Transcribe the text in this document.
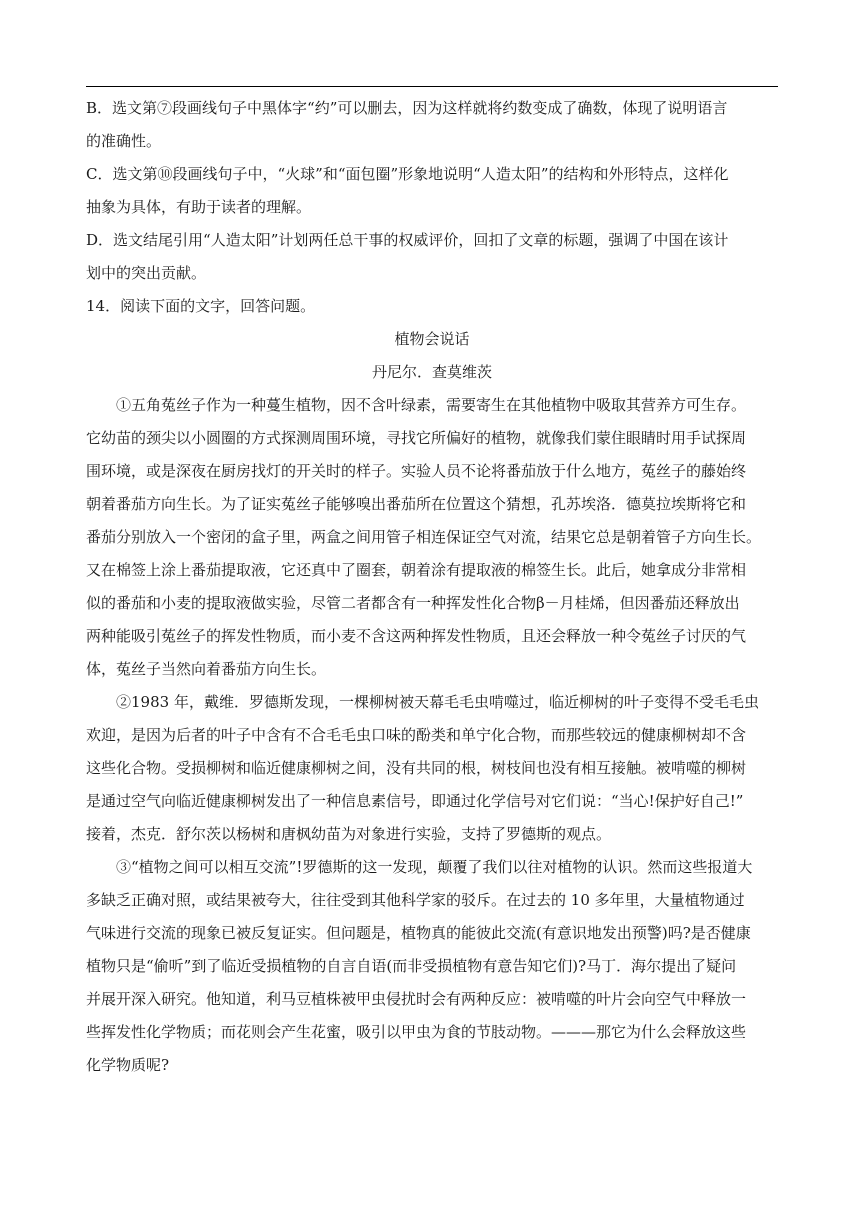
B．选文第⑦段画线句子中黑体字“约”可以删去，因为这样就将约数变成了确数，体现了说明语言
的准确性。
C．选文第⑩段画线句子中，“火球”和“面包圈”形象地说明“人造太阳”的结构和外形特点，这样化
抽象为具体，有助于读者的理解。
D．选文结尾引用“人造太阳”计划两任总干事的权威评价，回扣了文章的标题，强调了中国在该计
划中的突出贡献。
14．阅读下面的文字，回答问题。
植物会说话
丹尼尔．查莫维茨
①五角菟丝子作为一种蔓生植物，因不含叶绿素，需要寄生在其他植物中吸取其营养方可生存。
它幼苗的颈尖以小圆圈的方式探测周围环境，寻找它所偏好的植物，就像我们蒙住眼睛时用手试探周
围环境，或是深夜在厨房找灯的开关时的样子。实验人员不论将番茄放于什么地方，菟丝子的藤始终
朝着番茄方向生长。为了证实菟丝子能够嗅出番茄所在位置这个猜想，孔苏埃洛．德莫拉埃斯将它和
番茄分别放入一个密闭的盒子里，两盒之间用管子相连保证空气对流，结果它总是朝着管子方向生长。
又在棉签上涂上番茄提取液，它还真中了圈套，朝着涂有提取液的棉签生长。此后，她拿成分非常相
似的番茄和小麦的提取液做实验，尽管二者都含有一种挥发性化合物β－月桂烯，但因番茄还释放出
两种能吸引菟丝子的挥发性物质，而小麦不含这两种挥发性物质，且还会释放一种令菟丝子讨厌的气
体，菟丝子当然向着番茄方向生长。
②1983 年，戴维．罗德斯发现，一棵柳树被天幕毛毛虫啃噬过，临近柳树的叶子变得不受毛毛虫
欢迎，是因为后者的叶子中含有不合毛毛虫口味的酚类和单宁化合物，而那些较远的健康柳树却不含
这些化合物。受损柳树和临近健康柳树之间，没有共同的根，树枝间也没有相互接触。被啃噬的柳树
是通过空气向临近健康柳树发出了一种信息素信号，即通过化学信号对它们说：“当心!保护好自己!”
接着，杰克．舒尔茨以杨树和唐枫幼苗为对象进行实验，支持了罗德斯的观点。
③“植物之间可以相互交流”!罗德斯的这一发现，颠覆了我们以往对植物的认识。然而这些报道大
多缺乏正确对照，或结果被夸大，往往受到其他科学家的驳斥。在过去的 10 多年里，大量植物通过
气味进行交流的现象已被反复证实。但问题是，植物真的能彼此交流(有意识地发出预警)吗?是否健康
植物只是“偷听”到了临近受损植物的自言自语(而非受损植物有意告知它们)?马丁．海尔提出了疑问
并展开深入研究。他知道，利马豆植株被甲虫侵扰时会有两种反应：被啃噬的叶片会向空气中释放一
些挥发性化学物质；而花则会产生花蜜，吸引以甲虫为食的节肢动物。———那它为什么会释放这些
化学物质呢?
